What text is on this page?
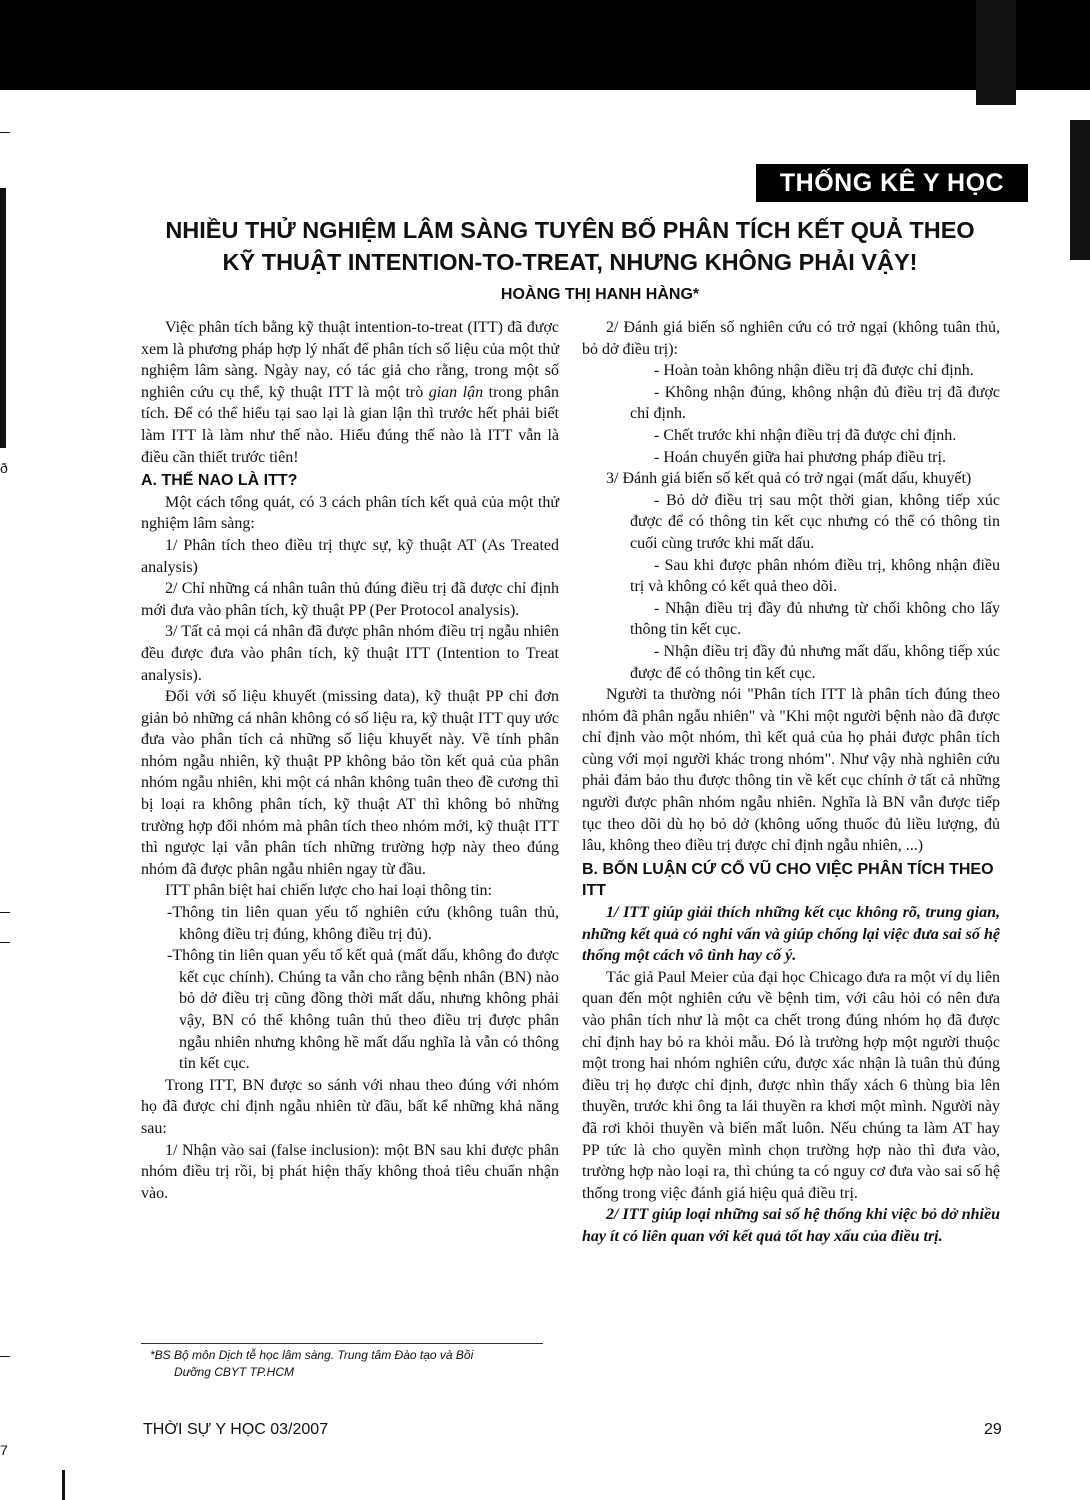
ð
7
THỐNG KÊ Y HỌC
NHIỀU THỬ NGHIỆM LÂM SÀNG TUYÊN BỐ PHÂN TÍCH KẾT QUẢ THEO
KỸ THUẬT INTENTION-TO-TREAT, NHƯNG KHÔNG PHẢI VẬY!
HOÀNG THỊ HANH HÀNG*

Việc phân tích bằng kỹ thuật intention-to-treat (ITT) đã được xem là phương pháp hợp lý nhất để phân tích số liệu của một thử nghiệm lâm sàng. Ngày nay, có tác giả cho rằng, trong một số nghiên cứu cụ thể, kỹ thuật ITT là một trò gian lận trong phân tích. Để có thể hiểu tại sao lại là gian lận thì trước hết phải biết làm ITT là làm như thế nào. Hiểu đúng thế nào là ITT vẫn là điều cần thiết trước tiên!

A. THẾ NAO LÀ ITT?

Một cách tổng quát, có 3 cách phân tích kết quả của một thử nghiệm lâm sàng:

1/ Phân tích theo điều trị thực sự, kỹ thuật AT (As Treated analysis)

2/ Chỉ những cá nhân tuân thủ đúng điều trị đã được chỉ định mới đưa vào phân tích, kỹ thuật PP (Per Protocol analysis).

3/ Tất cả mọi cá nhân đã được phân nhóm điều trị ngẫu nhiên đều được đưa vào phân tích, kỹ thuật ITT (Intention to Treat analysis).

Đối với số liệu khuyết (missing data), kỹ thuật PP chỉ đơn giản bỏ những cá nhân không có số liệu ra, kỹ thuật ITT quy ước đưa vào phân tích cả những số liệu khuyết này. Về tính phân nhóm ngẫu nhiên, kỹ thuật PP không bảo tồn kết quả của phân nhóm ngẫu nhiên, khi một cá nhân không tuân theo đề cương thì bị loại ra không phân tích, kỹ thuật AT thì không bỏ những trường hợp đổi nhóm mà phân tích theo nhóm mới, kỹ thuật ITT thì ngược lại vẫn phân tích những trường hợp này theo đúng nhóm đã được phân ngẫu nhiên ngay từ đầu.

ITT phân biệt hai chiến lược cho hai loại thông tin:

-Thông tin liên quan yếu tố nghiên cứu (không tuân thủ, không điều trị đúng, không điều trị đủ).

-Thông tin liên quan yếu tố kết quả (mất dấu, không đo được kết cục chính). Chúng ta vẫn cho rằng bệnh nhân (BN) nào bỏ dở điều trị cũng đồng thời mất dấu, nhưng không phải vậy, BN có thể không tuân thủ theo điều trị được phân ngẫu nhiên nhưng không hề mất dấu nghĩa là vẫn có thông tin kết cục.

Trong ITT, BN được so sánh với nhau theo đúng với nhóm họ đã được chỉ định ngẫu nhiên từ đầu, bất kể những khả năng sau:

1/ Nhận vào sai (false inclusion): một BN sau khi được phân nhóm điều trị rồi, bị phát hiện thấy không thoả tiêu chuẩn nhận vào.

2/ Đánh giá biến số nghiên cứu có trở ngại (không tuân thủ, bỏ dở điều trị):

- Hoàn toàn không nhận điều trị đã được chỉ định.

- Không nhận đúng, không nhận đủ điều trị đã được chỉ định.

- Chết trước khi nhận điều trị đã được chỉ định.

- Hoán chuyển giữa hai phương pháp điều trị.

3/ Đánh giá biến số kết quả có trở ngại (mất dấu, khuyết)

- Bỏ dở điều trị sau một thời gian, không tiếp xúc được để có thông tin kết cục nhưng có thể có thông tin cuối cùng trước khi mất dấu.

- Sau khi được phân nhóm điều trị, không nhận điều trị và không có kết quả theo dõi.

- Nhận điều trị đầy đủ nhưng từ chối không cho lấy thông tin kết cục.

- Nhận điều trị đầy đủ nhưng mất dấu, không tiếp xúc được để có thông tin kết cục.

Người ta thường nói "Phân tích ITT là phân tích đúng theo nhóm đã phân ngẫu nhiên" và "Khi một người bệnh nào đã được chỉ định vào một nhóm, thì kết quả của họ phải được phân tích cùng với mọi người khác trong nhóm". Như vậy nhà nghiên cứu phải đảm bảo thu được thông tin về kết cục chính ở tất cả những người được phân nhóm ngẫu nhiên. Nghĩa là BN vẫn được tiếp tục theo dõi dù họ bỏ dở (không uống thuốc đủ liều lượng, đủ lâu, không theo điều trị được chỉ định ngẫu nhiên, ...)

B. BỐN LUẬN CỨ CỔ VŨ CHO VIỆC PHÂN TÍCH THEO ITT

1/ ITT giúp giải thích những kết cục không rõ, trung gian, những kết quả có nghi vấn và giúp chống lại việc đưa sai số hệ thống một cách vô tình hay cố ý.

Tác giả Paul Meier của đại học Chicago đưa ra một ví dụ liên quan đến một nghiên cứu về bệnh tim, với câu hỏi có nên đưa vào phân tích như là một ca chết trong đúng nhóm họ đã được chỉ định hay bỏ ra khỏi mẫu. Đó là trường hợp một người thuộc một trong hai nhóm nghiên cứu, được xác nhận là tuân thủ đúng điều trị họ được chỉ định, được nhìn thấy xách 6 thùng bia lên thuyền, trước khi ông ta lái thuyền ra khơi một mình. Người này đã rơi khỏi thuyền và biến mất luôn. Nếu chúng ta làm AT hay PP tức là cho quyền mình chọn trường hợp nào thì đưa vào, trường hợp nào loại ra, thì chúng ta có nguy cơ đưa vào sai số hệ thống trong việc đánh giá hiệu quả điều trị.

2/ ITT giúp loại những sai số hệ thống khi việc bỏ dở nhiều hay ít có liên quan với kết quả tốt hay xấu của điều trị.

*BS Bộ môn Dịch tễ học lâm sàng. Trung tâm Đào tạo và Bồi
Dưỡng CBYT TP.HCM
THỜI SỰ Y HỌC 03/2007	29
